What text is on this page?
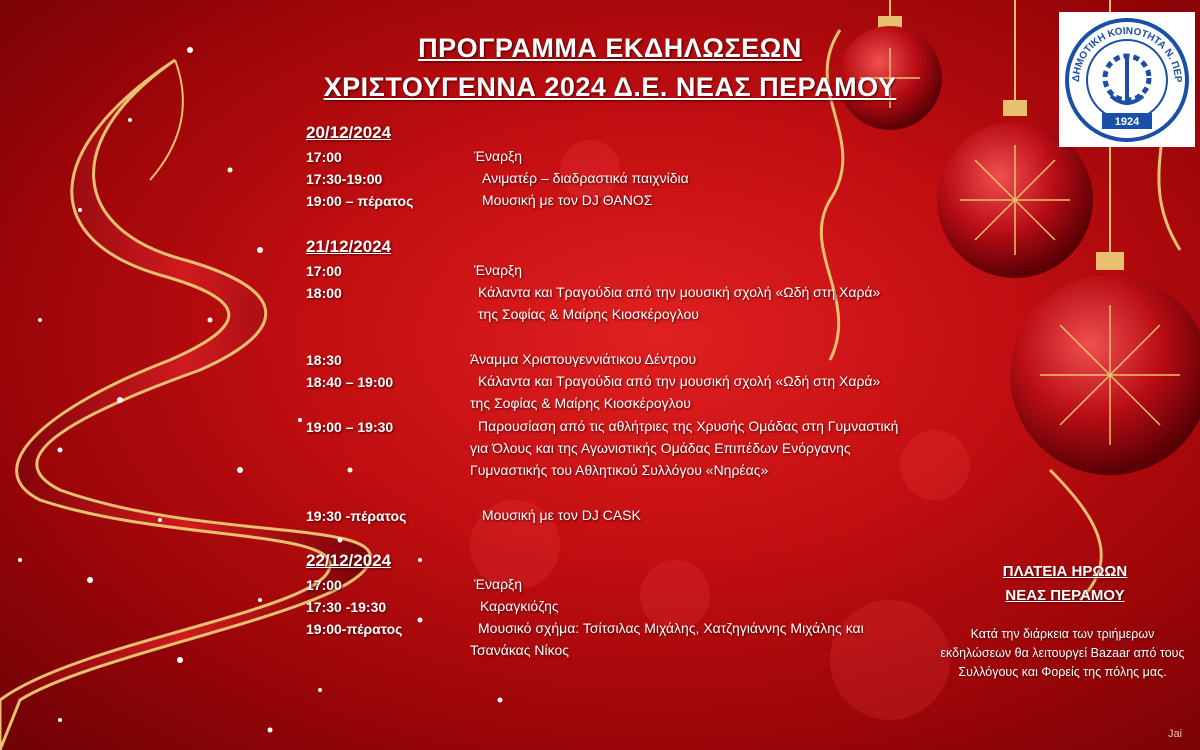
ΠΡΟΓΡΑΜΜΑ ΕΚΔΗΛΩΣΕΩΝ
ΧΡΙΣΤΟΥΓΕΝΝΑ 2024 Δ.Ε. ΝΕΑΣ ΠΕΡΑΜΟΥ
20/12/2024
17:00	Έναρξη
17:30-19:00	Ανιματέρ – διαδραστικά παιχνίδια
19:00 – πέρατος	Μουσική με τον DJ ΘΑΝΟΣ
21/12/2024
17:00	Έναρξη
18:00	Κάλαντα και Τραγούδια από την μουσική σχολή «Ωδή στη Χαρά» της Σοφίας & Μαίρης Κιοσκέρογλου
18:30	Άναμμα Χριστουγεννιάτικου Δέντρου
18:40 – 19:00	Κάλαντα και Τραγούδια από την μουσική σχολή «Ωδή στη Χαρά» της Σοφίας & Μαίρης Κιοσκέρογλου
19:00 – 19:30	Παρουσίαση από τις αθλήτριες της Χρυσής Ομάδας στη Γυμναστική για Όλους και της Αγωνιστικής Ομάδας Επιπέδων Ενόργανης Γυμναστικής του Αθλητικού Συλλόγου «Νηρέας»
19:30 -πέρατος	Μουσική με τον DJ CASK
22/12/2024
17:00	Έναρξη
17:30 -19:30	Καραγκιόζης
19:00-πέρατος	Μουσικό σχήμα: Τσίτσιλας Μιχάλης, Χατζηγιάννης Μιχάλης και Τσανάκας Νίκος
ΔΗΜΟΤΙΚΗ ΚΟΙΝΟΤΗΤΑ Ν. ΠΕΡ
1924
ΠΛΑΤΕΙΑ ΗΡΩΩΝ
ΝΕΑΣ ΠΕΡΑΜΟΥ
Κατά την διάρκεια των τριήμερων εκδηλώσεων θα λειτουργεί Bazaar από τους Συλλόγους και Φορείς της πόλης μας.
Jai
